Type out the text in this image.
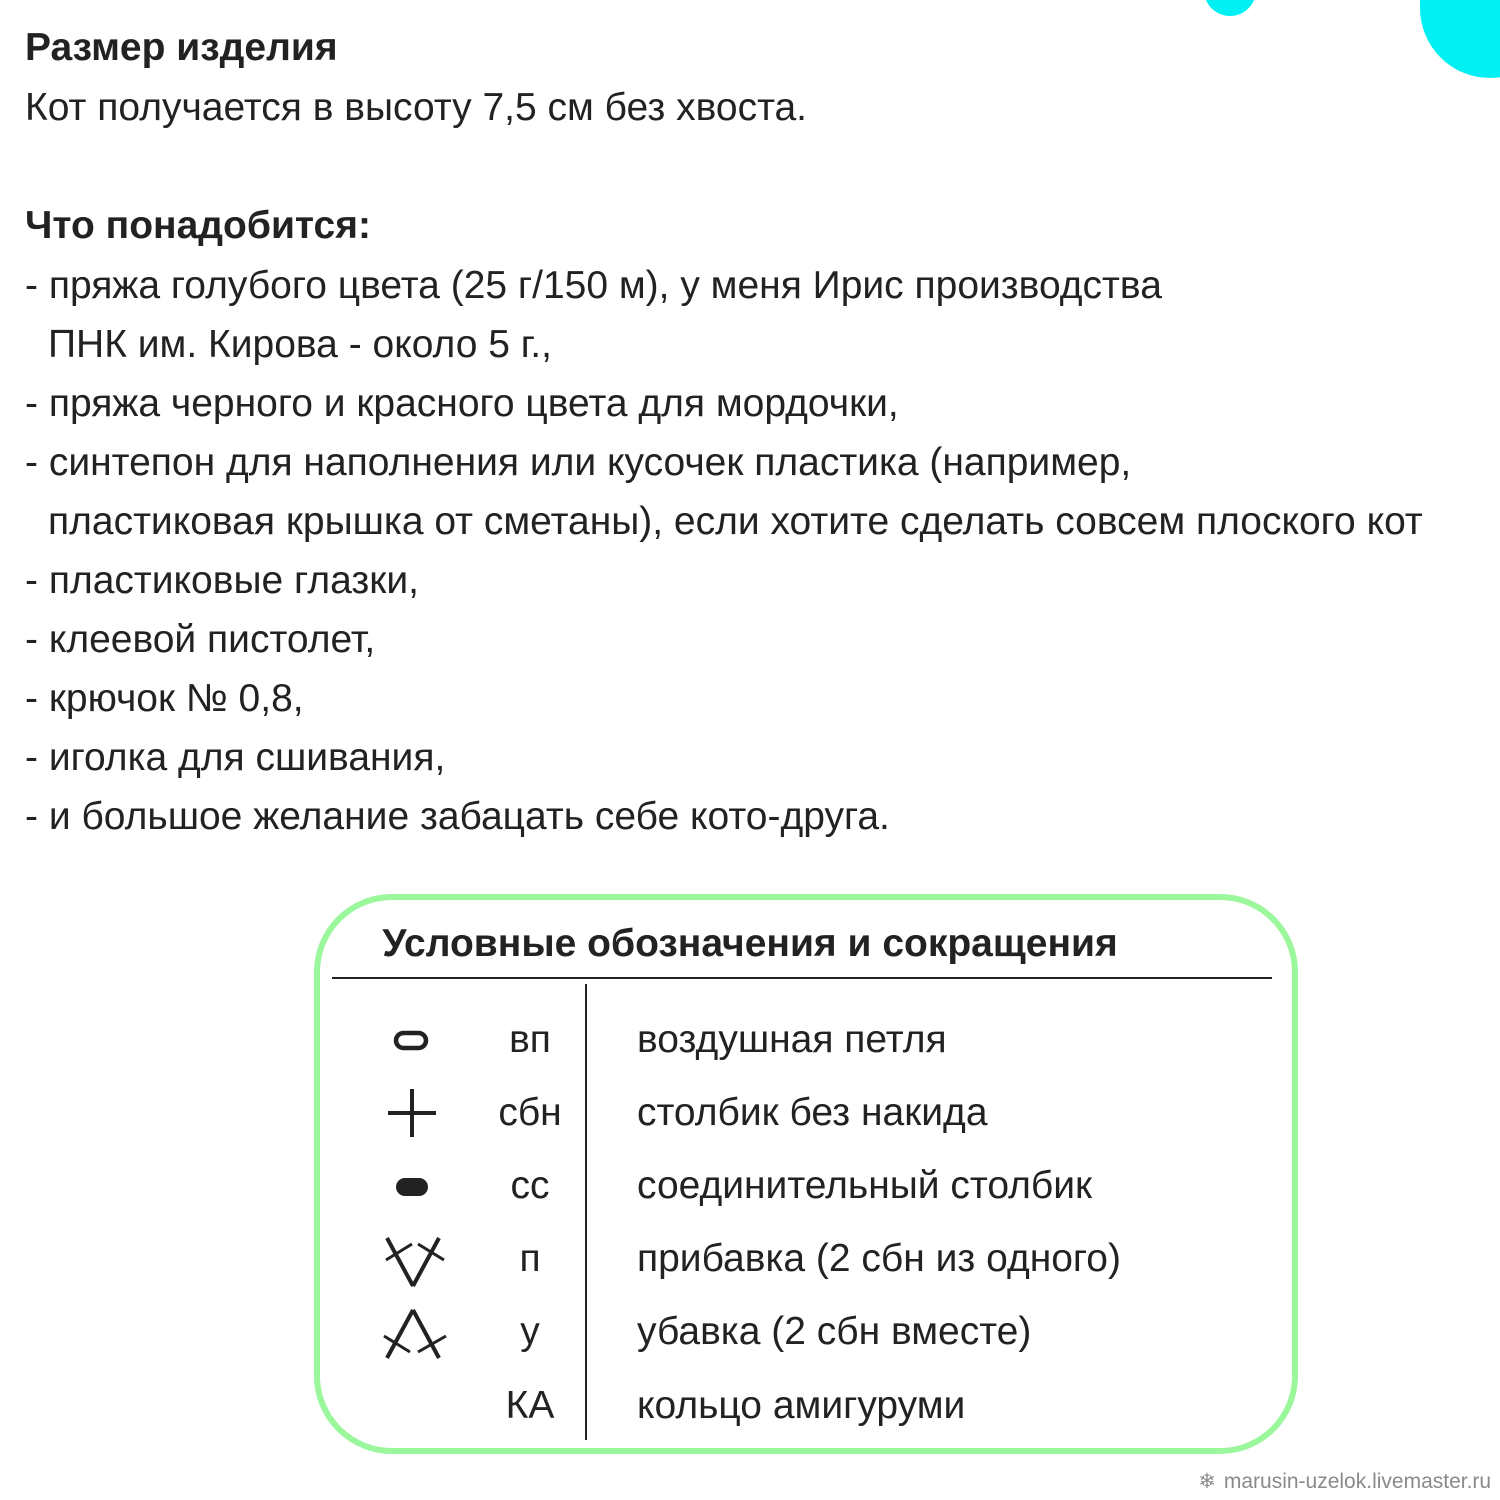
Размер изделия
Кот получается в высоту 7,5 см без хвоста.
Что понадобится:
- пряжа голубого цвета (25 г/150 м), у меня Ирис производства
ПНК им. Кирова - около 5 г.,
- пряжа черного и красного цвета для мордочки,
- синтепон для наполнения или кусочек пластика (например,
пластиковая крышка от сметаны), если хотите сделать совсем плоского кот
- пластиковые глазки,
- клеевой пистолет,
- крючок № 0,8,
- иголка для сшивания,
- и большое желание забацать себе кото-друга.
Условные обозначения и сокращения
вп	воздушная петля
сбн	столбик без накида
сс	соединительный столбик
п	прибавка (2 сбн из одного)
у	убавка (2 сбн вместе)
КА	кольцо амигуруми
❄ marusin-uzelok.livemaster.ru
